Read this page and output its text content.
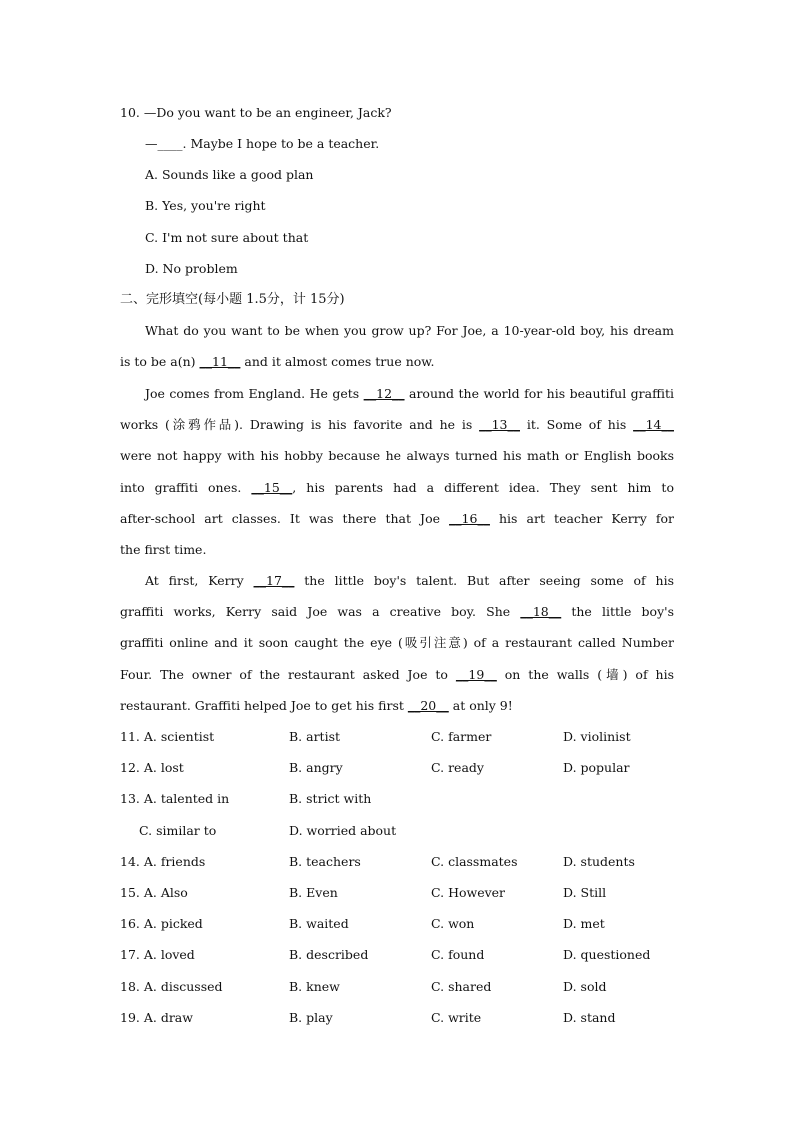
10. —Do you want to be an engineer, Jack?
—____. Maybe I hope to be a teacher.
A. Sounds like a good plan
B. Yes, you're right
C. I'm not sure about that
D. No problem
二、完形填空(每小题 1.5分，计 15分)
What do you want to be when you grow up? For Joe, a 10-year-old boy, his dream
is to be a(n) __11__ and it almost comes true now.
Joe comes from England. He gets __12__ around the world for his beautiful graffiti
works (涂鸦作品). Drawing is his favorite and he is __13__ it. Some of his __14__
were not happy with his hobby because he always turned his math or English books
into graffiti ones. __15__, his parents had a different idea. They sent him to
after-school art classes. It was there that Joe __16__ his art teacher Kerry for
the first time.
At first, Kerry __17__ the little boy's talent. But after seeing some of his
graffiti works, Kerry said Joe was a creative boy. She __18__ the little boy's
graffiti online and it soon caught the eye (吸引注意) of a restaurant called Number
Four. The owner of the restaurant asked Joe to __19__ on the walls (墙) of his
restaurant. Graffiti helped Joe to get his first __20__ at only 9!
11. A. scientist	B. artist	C. farmer	D. violinist
12. A. lost	B. angry	C. ready	D. popular
13. A. talented in	B. strict with
C. similar to	D. worried about
14. A. friends	B. teachers	C. classmates	D. students
15. A. Also	B. Even	C. However	D. Still
16. A. picked	B. waited	C. won	D. met
17. A. loved	B. described	C. found	D. questioned
18. A. discussed	B. knew	C. shared	D. sold
19. A. draw	B. play	C. write	D. stand
